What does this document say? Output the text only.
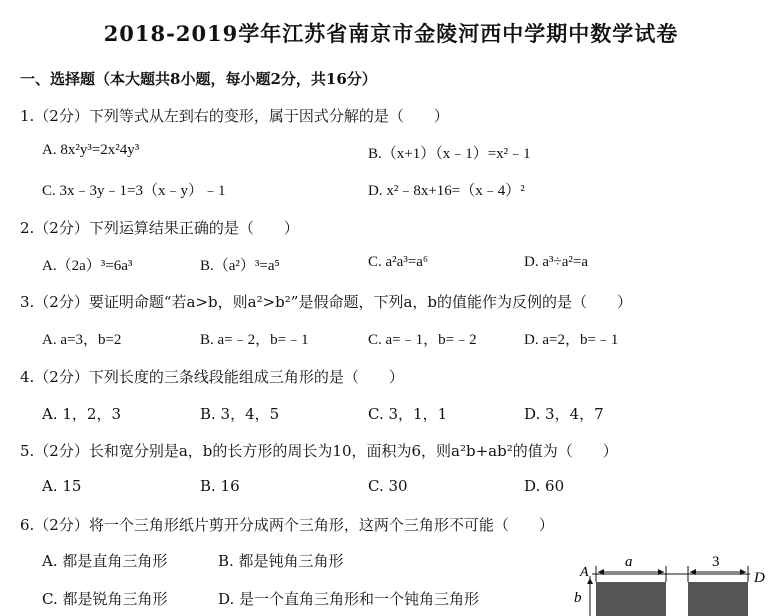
2018-2019学年江苏省南京市金陵河西中学期中数学试卷
一、选择题（本大题共8小题，每小题2分，共16分）
1.（2分）下列等式从左到右的变形，属于因式分解的是（　　）
A. 8x²y³=2x²4y³	B.（x+1）（x﹣1）=x²﹣1
C. 3x﹣3y﹣1=3（x﹣y）﹣1	D. x²﹣8x+16=（x﹣4）²
2.（2分）下列运算结果正确的是（　　）
A.（2a）³=6a³	B.（a²）³=a⁵	C. a²a³=a⁶	D. a³÷a²=a
3.（2分）要证明命题“若a>b，则a²>b²”是假命题，下列a，b的值能作为反例的是（　　）
A. a=3，b=2	B. a=﹣2，b=﹣1	C. a=﹣1，b=﹣2	D. a=2，b=﹣1
4.（2分）下列长度的三条线段能组成三角形的是（　　）
A. 1，2，3	B. 3，4，5	C. 3，1，1	D. 3，4，7
5.（2分）长和宽分别是a，b的长方形的周长为10，面积为6，则a²b+ab²的值为（　　）
A. 15	B. 16	C. 30	D. 60
6.（2分）将一个三角形纸片剪开分成两个三角形，这两个三角形不可能（　　）
A. 都是直角三角形	B. 都是钝角三角形
C. 都是锐角三角形	D. 是一个直角三角形和一个钝角三角形
A
a
b
3
D
